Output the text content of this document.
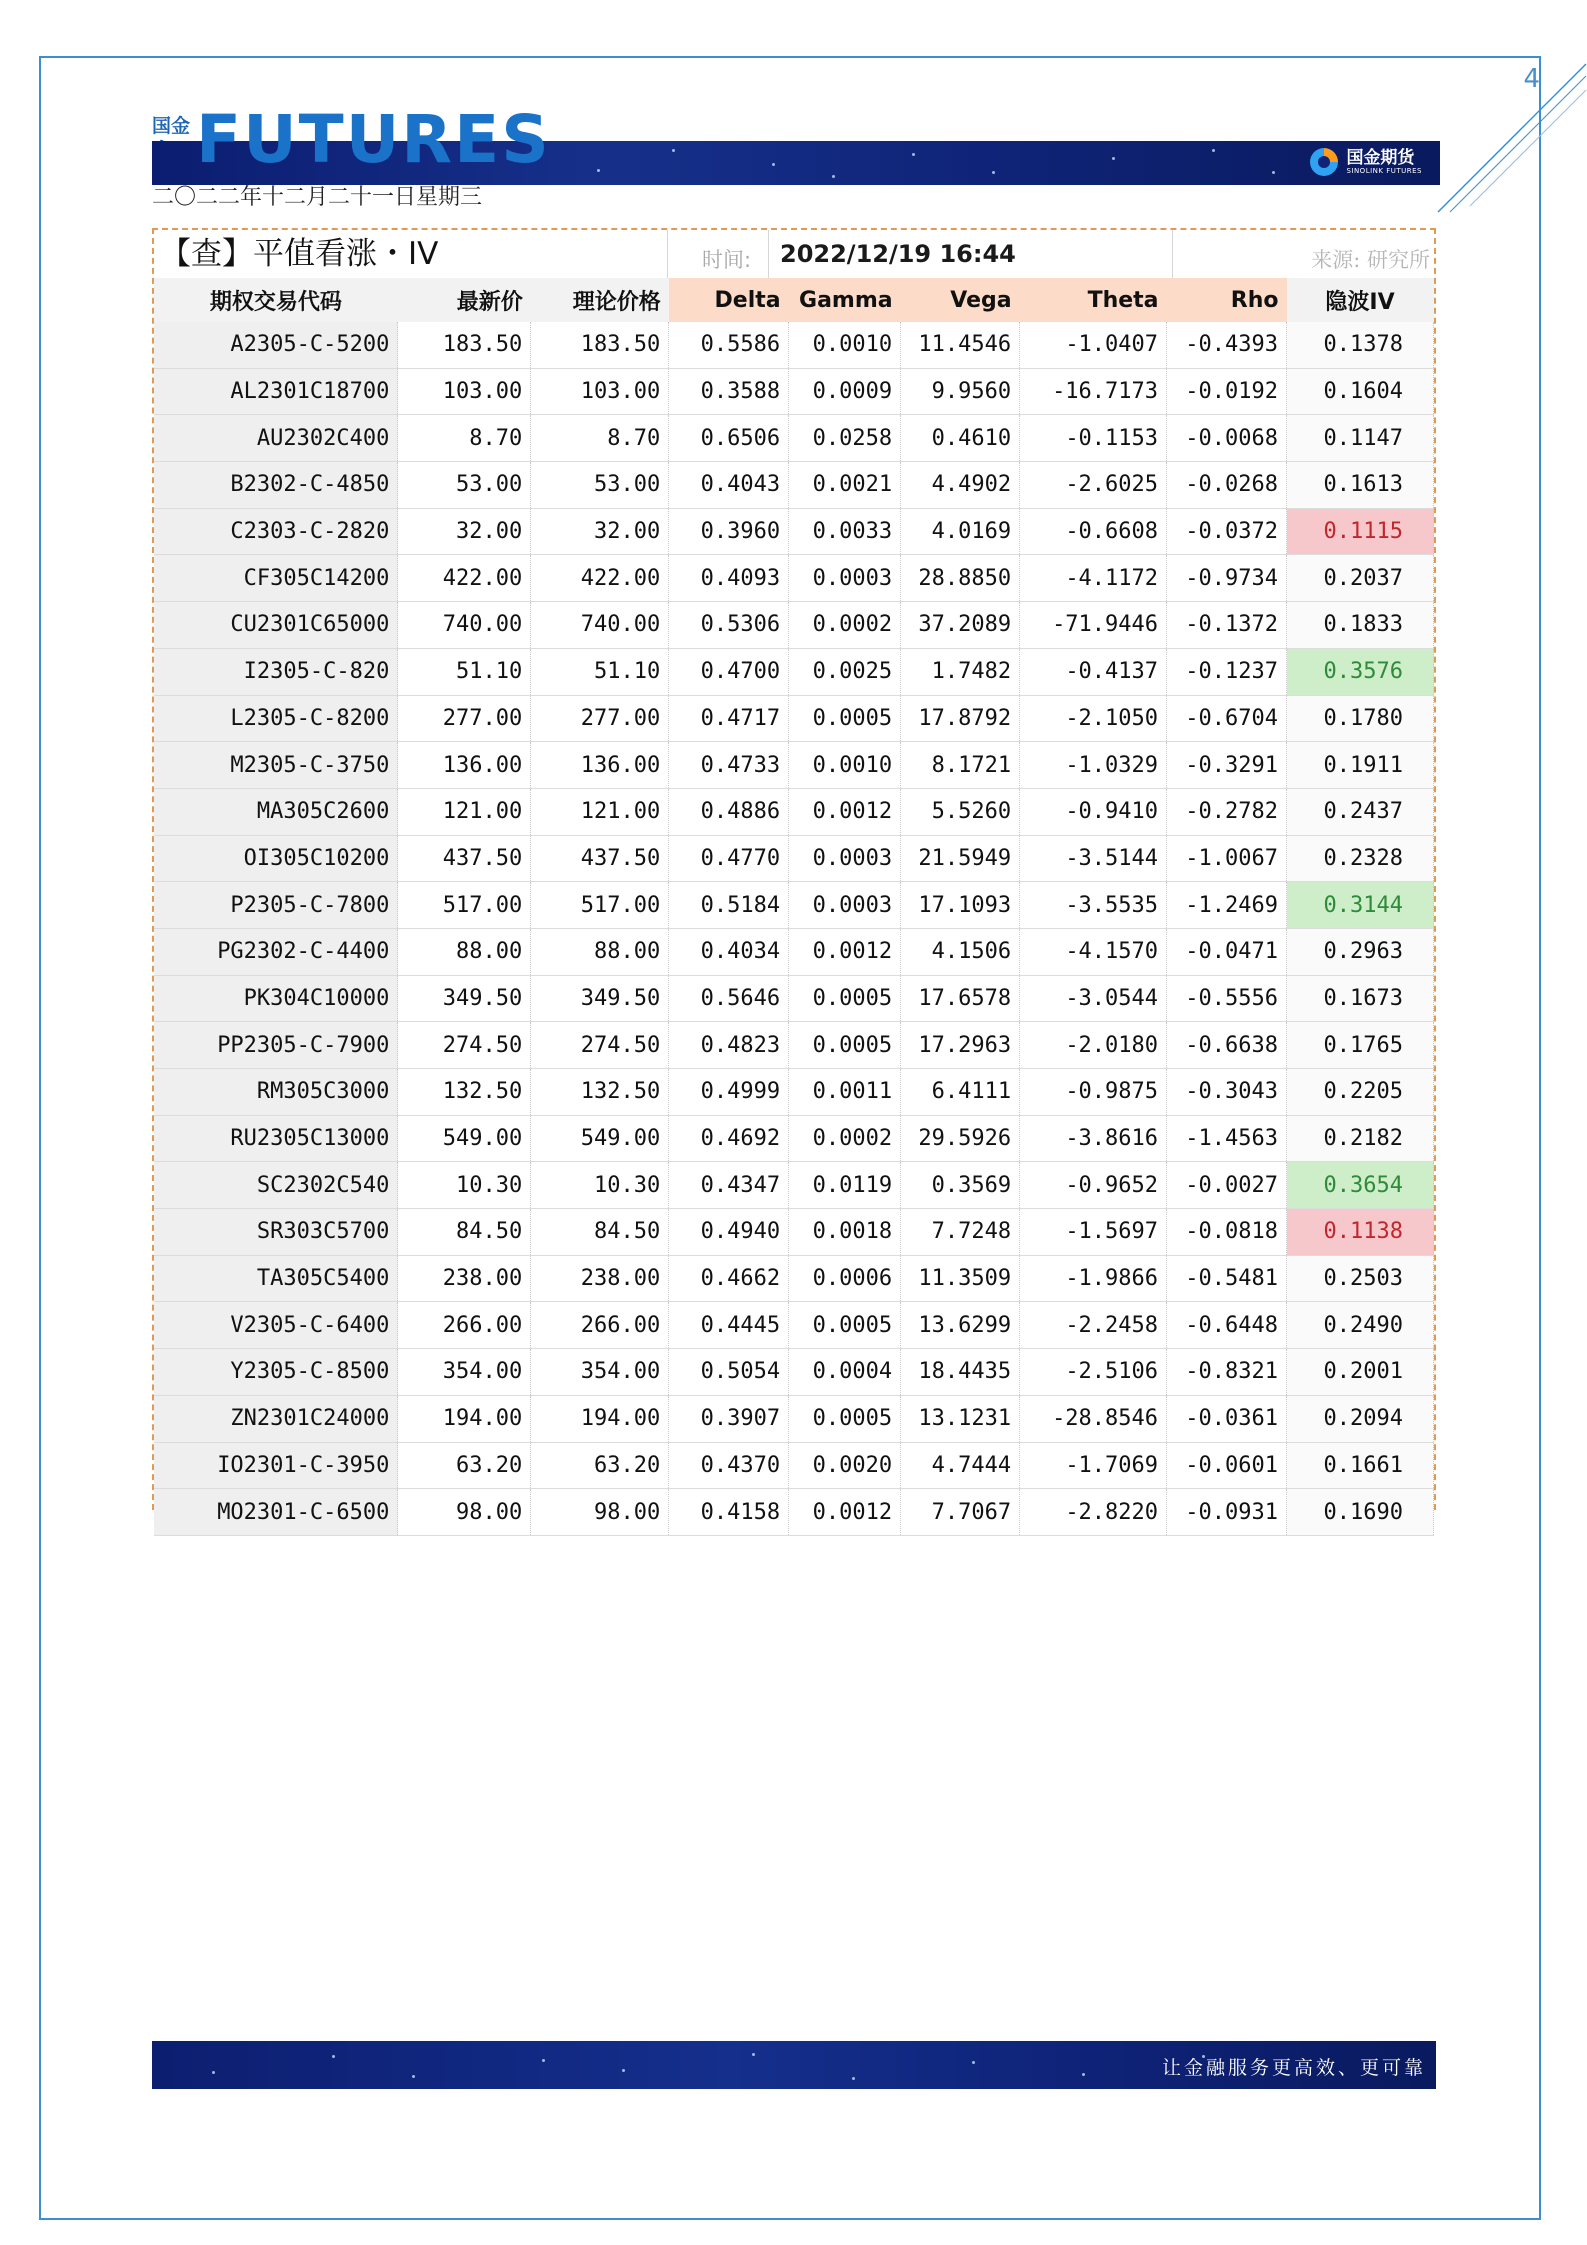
4
国金
国金期货
SINOLINK FUTURES
FUTURES
二〇二二年十二月二十一日星期三
【查】平值看涨・IV	时间: 2022/12/19 16:44	来源: 研究所
期权交易代码	最新价	理论价格	Delta	Gamma	Vega	Theta	Rho	隐波IV
A2305-C-5200	183.50	183.50	0.5586	0.0010	11.4546	-1.0407	-0.4393	0.1378
AL2301C18700	103.00	103.00	0.3588	0.0009	9.9560	-16.7173	-0.0192	0.1604
AU2302C400	8.70	8.70	0.6506	0.0258	0.4610	-0.1153	-0.0068	0.1147
B2302-C-4850	53.00	53.00	0.4043	0.0021	4.4902	-2.6025	-0.0268	0.1613
C2303-C-2820	32.00	32.00	0.3960	0.0033	4.0169	-0.6608	-0.0372	0.1115
CF305C14200	422.00	422.00	0.4093	0.0003	28.8850	-4.1172	-0.9734	0.2037
CU2301C65000	740.00	740.00	0.5306	0.0002	37.2089	-71.9446	-0.1372	0.1833
I2305-C-820	51.10	51.10	0.4700	0.0025	1.7482	-0.4137	-0.1237	0.3576
L2305-C-8200	277.00	277.00	0.4717	0.0005	17.8792	-2.1050	-0.6704	0.1780
M2305-C-3750	136.00	136.00	0.4733	0.0010	8.1721	-1.0329	-0.3291	0.1911
MA305C2600	121.00	121.00	0.4886	0.0012	5.5260	-0.9410	-0.2782	0.2437
OI305C10200	437.50	437.50	0.4770	0.0003	21.5949	-3.5144	-1.0067	0.2328
P2305-C-7800	517.00	517.00	0.5184	0.0003	17.1093	-3.5535	-1.2469	0.3144
PG2302-C-4400	88.00	88.00	0.4034	0.0012	4.1506	-4.1570	-0.0471	0.2963
PK304C10000	349.50	349.50	0.5646	0.0005	17.6578	-3.0544	-0.5556	0.1673
PP2305-C-7900	274.50	274.50	0.4823	0.0005	17.2963	-2.0180	-0.6638	0.1765
RM305C3000	132.50	132.50	0.4999	0.0011	6.4111	-0.9875	-0.3043	0.2205
RU2305C13000	549.00	549.00	0.4692	0.0002	29.5926	-3.8616	-1.4563	0.2182
SC2302C540	10.30	10.30	0.4347	0.0119	0.3569	-0.9652	-0.0027	0.3654
SR303C5700	84.50	84.50	0.4940	0.0018	7.7248	-1.5697	-0.0818	0.1138
TA305C5400	238.00	238.00	0.4662	0.0006	11.3509	-1.9866	-0.5481	0.2503
V2305-C-6400	266.00	266.00	0.4445	0.0005	13.6299	-2.2458	-0.6448	0.2490
Y2305-C-8500	354.00	354.00	0.5054	0.0004	18.4435	-2.5106	-0.8321	0.2001
ZN2301C24000	194.00	194.00	0.3907	0.0005	13.1231	-28.8546	-0.0361	0.2094
IO2301-C-3950	63.20	63.20	0.4370	0.0020	4.7444	-1.7069	-0.0601	0.1661
MO2301-C-6500	98.00	98.00	0.4158	0.0012	7.7067	-2.8220	-0.0931	0.1690
让金融服务更高效、更可靠
